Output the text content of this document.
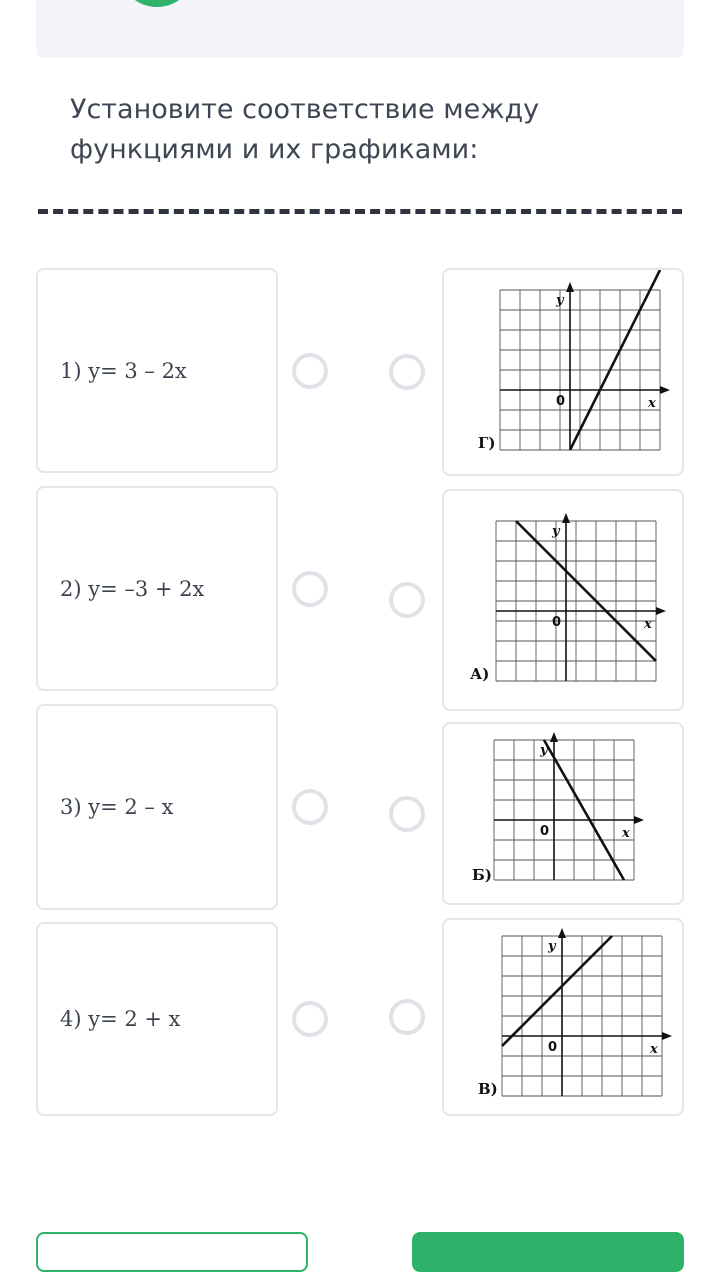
Установите соответствие между
функциями и их графиками:
1) y= 3 – 2x
2) y= –3 + 2x
3) y= 2 – x
4) y= 2 + x
y
x
0
Г)
y
x
0
А)
y
x
0
Б)
y
x
0
В)
